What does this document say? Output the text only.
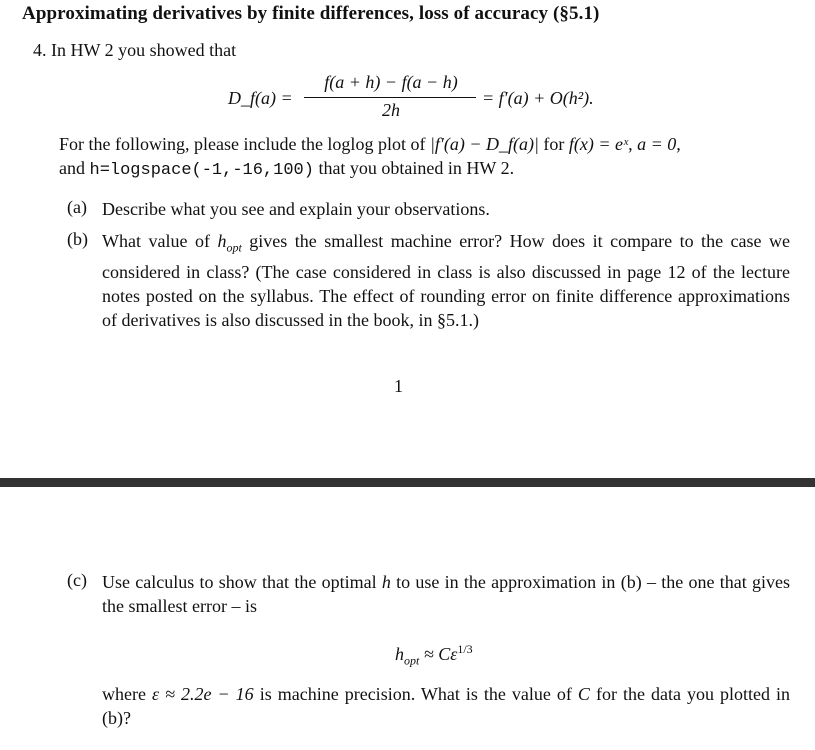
Approximating derivatives by finite differences, loss of accuracy (§5.1)
4. In HW 2 you showed that
D_f(a) =
f(a + h) − f(a − h)
2h
= f′(a) + O(h²).
For the following, please include the loglog plot of |f′(a) − D_f(a)| for f(x) = eˣ, a = 0,
and h=logspace(-1,-16,100) that you obtained in HW 2.
(a) Describe what you see and explain your observations.
(b) What value of $h_{opt}$ gives the smallest machine error? How does it compare to the case we considered in class? (The case considered in class is also discussed in page 12 of the lecture notes posted on the syllabus. The effect of rounding error on finite difference approximations of derivatives is also discussed in the book, in §5.1.)
1
(c) Use calculus to show that the optimal h to use in the approximation in (b) – the one that gives the smallest error – is
$h_{opt} \approx C\varepsilon^{1/3}$
where ε ≈ 2.2e − 16 is machine precision. What is the value of C for the data you plotted in (b)?
